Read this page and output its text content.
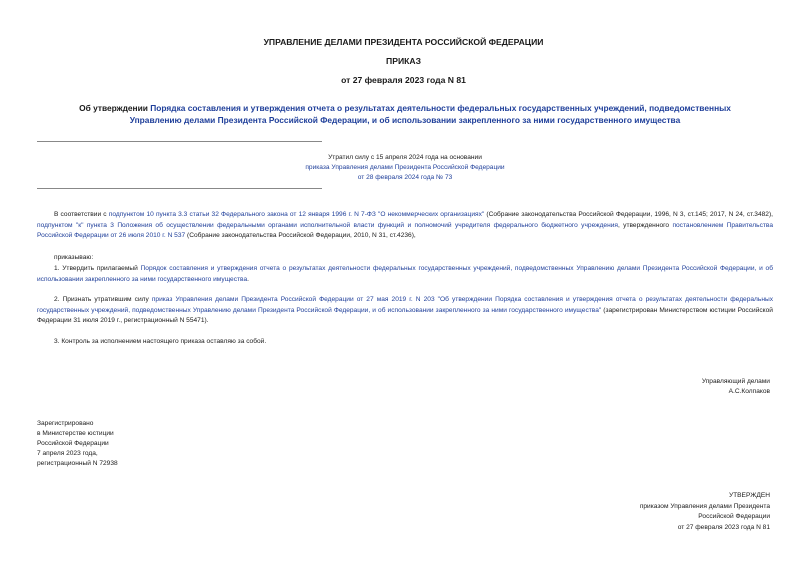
УПРАВЛЕНИЕ ДЕЛАМИ ПРЕЗИДЕНТА РОССИЙСКОЙ ФЕДЕРАЦИИ
ПРИКАЗ
от 27 февраля 2023 года N 81
Об утверждении Порядка составления и утверждения отчета о результатах деятельности федеральных государственных учреждений, подведомственных Управлению делами Президента Российской Федерации, и об использовании закрепленного за ними государственного имущества
Утратил силу с 15 апреля 2024 года на основании
приказа Управления делами Президента Российской Федерации
от 28 февраля 2024 года № 73
В соответствии с подпунктом 10 пункта 3.3 статьи 32 Федерального закона от 12 января 1996 г. N 7-ФЗ "О некоммерческих организациях" (Собрание законодательства Российской Федерации, 1996, N 3, ст.145; 2017, N 24, ст.3482), подпунктом "к" пункта 3 Положения об осуществлении федеральными органами исполнительной власти функций и полномочий учредителя федерального бюджетного учреждения, утвержденного постановлением Правительства Российской Федерации от 26 июля 2010 г. N 537 (Собрание законодательства Российской Федерации, 2010, N 31, ст.4236),
приказываю:
1. Утвердить прилагаемый Порядок составления и утверждения отчета о результатах деятельности федеральных государственных учреждений, подведомственных Управлению делами Президента Российской Федерации, и об использовании закрепленного за ними государственного имущества.
2. Признать утратившим силу приказ Управления делами Президента Российской Федерации от 27 мая 2019 г. N 203 "Об утверждении Порядка составления и утверждения отчета о результатах деятельности федеральных государственных учреждений, подведомственных Управлению делами Президента Российской Федерации, и об использовании закрепленного за ними государственного имущества" (зарегистрирован Министерством юстиции Российской Федерации 31 июля 2019 г., регистрационный N 55471).
3. Контроль за исполнением настоящего приказа оставляю за собой.
Управляющий делами
А.С.Колпаков
Зарегистрировано
в Министерстве юстиции
Российской Федерации
7 апреля 2023 года,
регистрационный N 72938
УТВЕРЖДЕН
приказом Управления делами Президента
Российской Федерации
от 27 февраля 2023 года N 81
